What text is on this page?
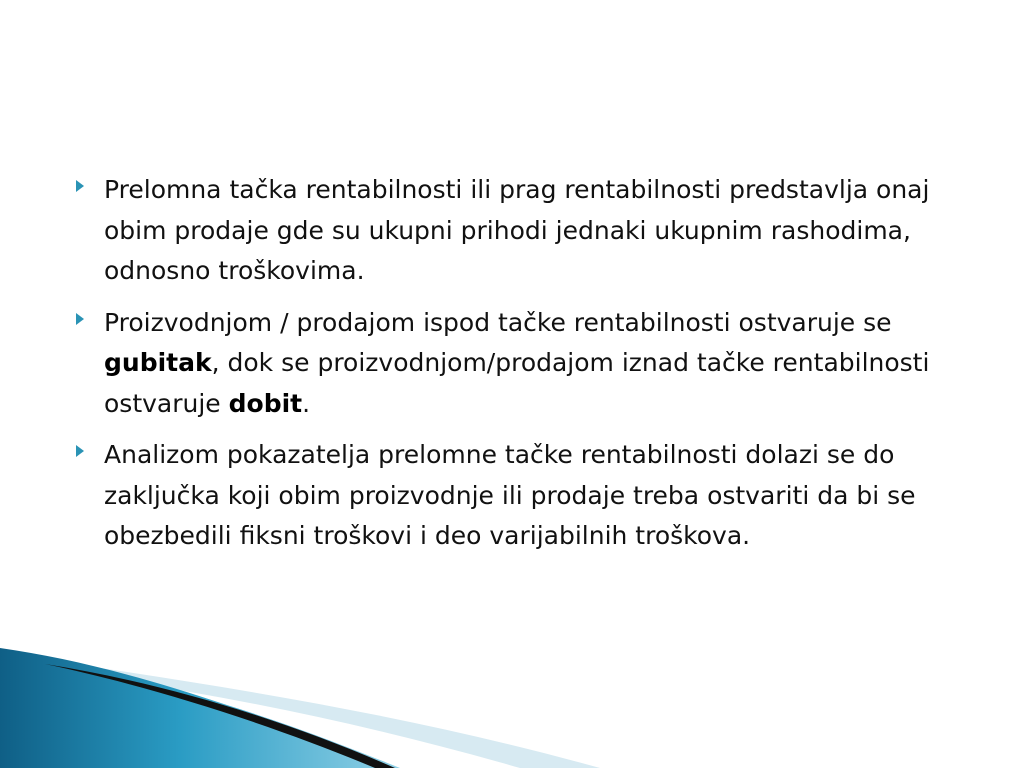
Prelomna tačka rentabilnosti ili prag rentabilnosti predstavlja onaj obim prodaje gde su ukupni prihodi jednaki ukupnim rashodima, odnosno troškovima.
Proizvodnjom / prodajom ispod tačke rentabilnosti ostvaruje se gubitak, dok se proizvodnjom/prodajom iznad tačke rentabilnosti ostvaruje dobit.
Analizom pokazatelja prelomne tačke rentabilnosti dolazi se do zaključka koji obim proizvodnje ili prodaje treba ostvariti da bi se obezbedili fiksni troškovi i deo varijabilnih troškova.
